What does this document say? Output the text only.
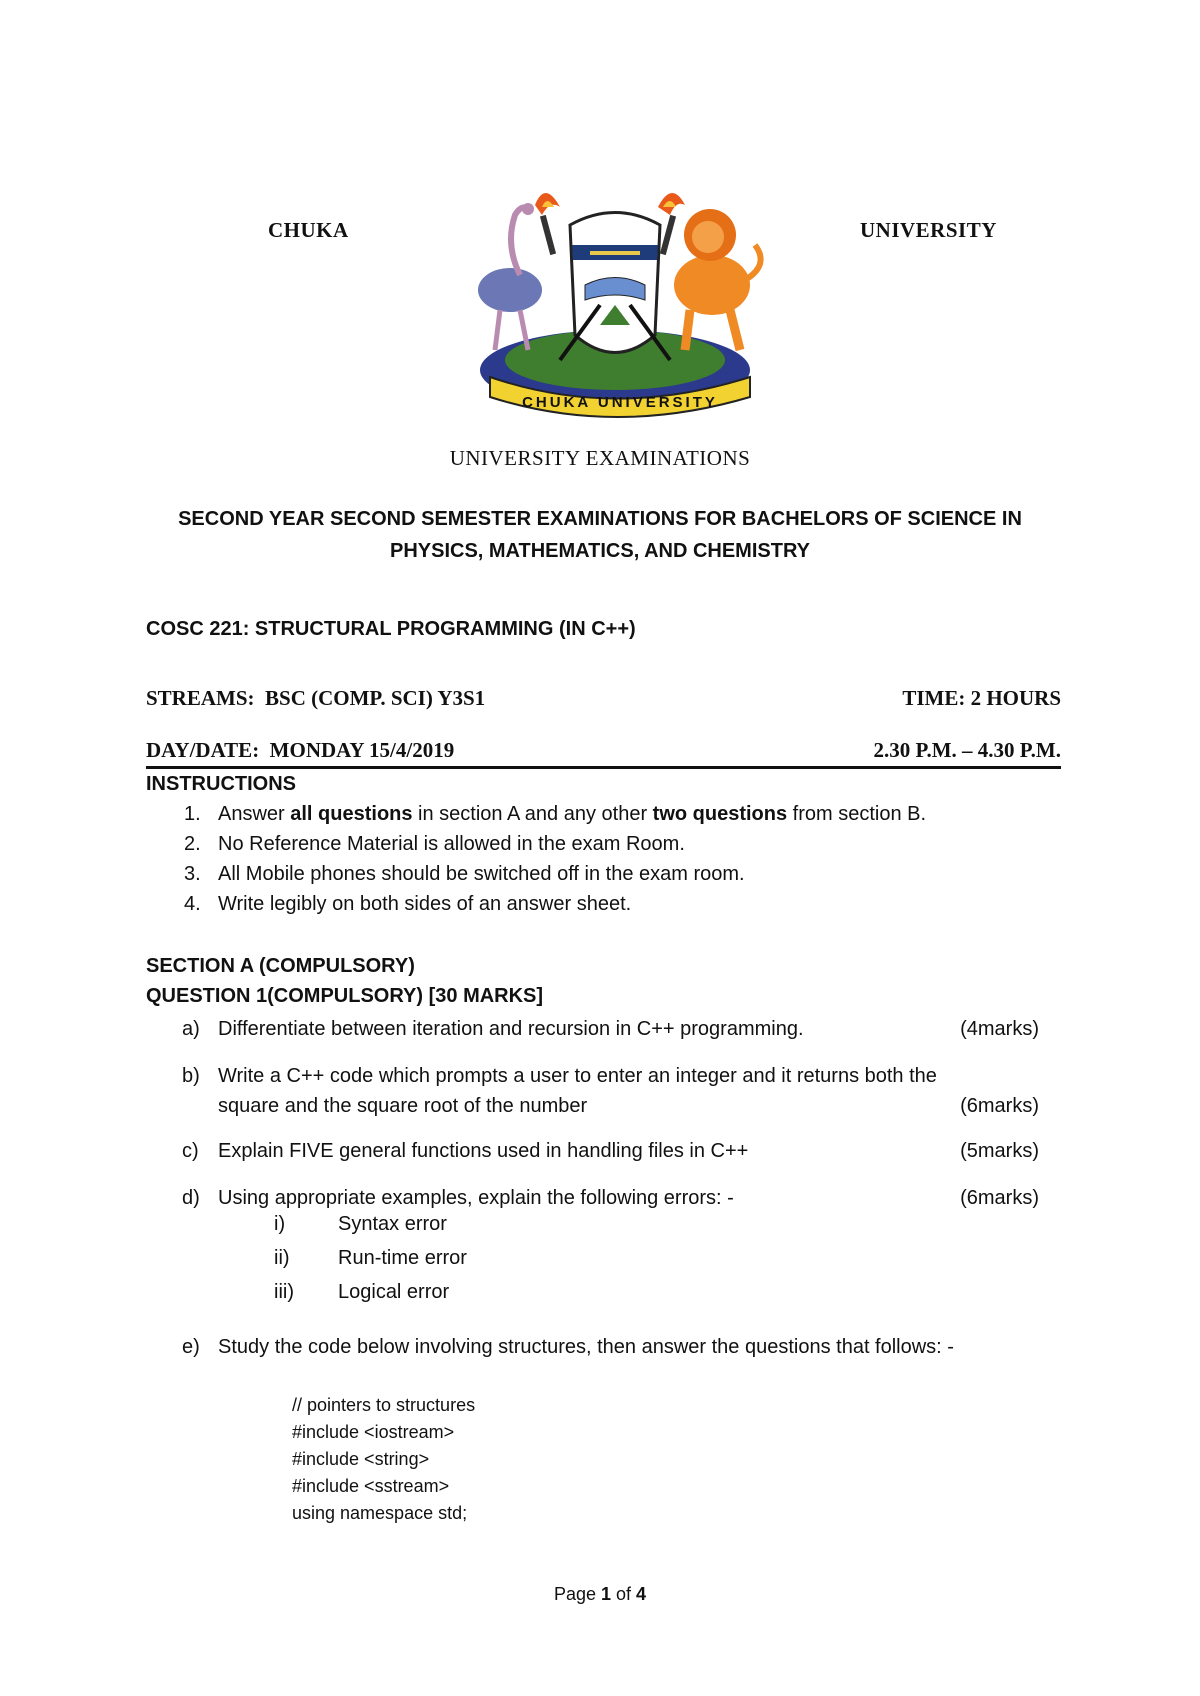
CHUKA	UNIVERSITY
CHUKA UNIVERSITY
UNIVERSITY EXAMINATIONS
SECOND YEAR SECOND SEMESTER EXAMINATIONS FOR BACHELORS OF SCIENCE IN
PHYSICS, MATHEMATICS, AND CHEMISTRY
COSC 221: STRUCTURAL PROGRAMMING (IN C++)
STREAMS:  BSC (COMP. SCI) Y3S1	TIME: 2 HOURS
DAY/DATE:  MONDAY 15/4/2019	2.30 P.M. – 4.30 P.M.
INSTRUCTIONS
1. Answer all questions in section A and any other two questions from section B.
2. No Reference Material is allowed in the exam Room.
3. All Mobile phones should be switched off in the exam room.
4. Write legibly on both sides of an answer sheet.
SECTION A (COMPULSORY)
QUESTION 1(COMPULSORY) [30 MARKS]
a) Differentiate between iteration and recursion in C++ programming.	(4marks)
b) Write a C++ code which prompts a user to enter an integer and it returns both the
square and the square root of the number	(6marks)
c) Explain FIVE general functions used in handling files in C++	(5marks)
d) Using appropriate examples, explain the following errors: -	(6marks)
i)	Syntax error
ii) Run-time error
iii) Logical error
e) Study the code below involving structures, then answer the questions that follows: -
// pointers to structures
#include <iostream>
#include <string>
#include <sstream>
using namespace std;
Page 1 of 4
